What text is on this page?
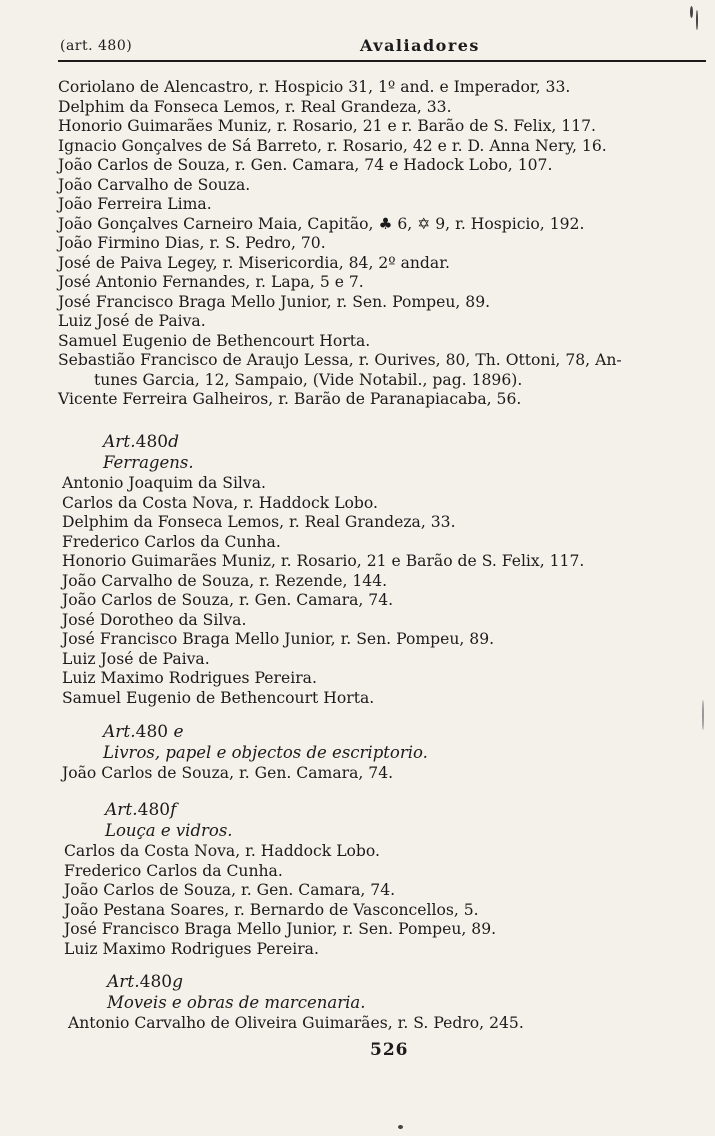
(art. 480)	Avaliadores
Coriolano de Alencastro, r. Hospicio 31, 1º and. e Imperador, 33.
Delphim da Fonseca Lemos, r. Real Grandeza, 33.
Honorio Guimarães Muniz, r. Rosario, 21 e r. Barão de S. Felix, 117.
Ignacio Gonçalves de Sá Barreto, r. Rosario, 42 e r. D. Anna Nery, 16.
João Carlos de Souza, r. Gen. Camara, 74 e Hadock Lobo, 107.
João Carvalho de Souza.
João Ferreira Lima.
João Gonçalves Carneiro Maia, Capitão, ♣ 6, ✡ 9, r. Hospicio, 192.
João Firmino Dias, r. S. Pedro, 70.
José de Paiva Legey, r. Misericordia, 84, 2º andar.
José Antonio Fernandes, r. Lapa, 5 e 7.
José Francisco Braga Mello Junior, r. Sen. Pompeu, 89.
Luiz José de Paiva.
Samuel Eugenio de Bethencourt Horta.
Sebastião Francisco de Araujo Lessa, r. Ourives, 80, Th. Ottoni, 78, An-
tunes Garcia, 12, Sampaio, (Vide Notabil., pag. 1896).
Vicente Ferreira Galheiros, r. Barão de Paranapiacaba, 56.
Art.480d
Ferragens.
Antonio Joaquim da Silva.
Carlos da Costa Nova, r. Haddock Lobo.
Delphim da Fonseca Lemos, r. Real Grandeza, 33.
Frederico Carlos da Cunha.
Honorio Guimarães Muniz, r. Rosario, 21 e Barão de S. Felix, 117.
João Carvalho de Souza, r. Rezende, 144.
João Carlos de Souza, r. Gen. Camara, 74.
José Dorotheo da Silva.
José Francisco Braga Mello Junior, r. Sen. Pompeu, 89.
Luiz José de Paiva.
Luiz Maximo Rodrigues Pereira.
Samuel Eugenio de Bethencourt Horta.
Art.480 e
Livros, papel e objectos de escriptorio.
João Carlos de Souza, r. Gen. Camara, 74.
Art.480f
Louça e vidros.
Carlos da Costa Nova, r. Haddock Lobo.
Frederico Carlos da Cunha.
João Carlos de Souza, r. Gen. Camara, 74.
João Pestana Soares, r. Bernardo de Vasconcellos, 5.
José Francisco Braga Mello Junior, r. Sen. Pompeu, 89.
Luiz Maximo Rodrigues Pereira.
Art.480g
Moveis e obras de marcenaria.
Antonio Carvalho de Oliveira Guimarães, r. S. Pedro, 245.
526
